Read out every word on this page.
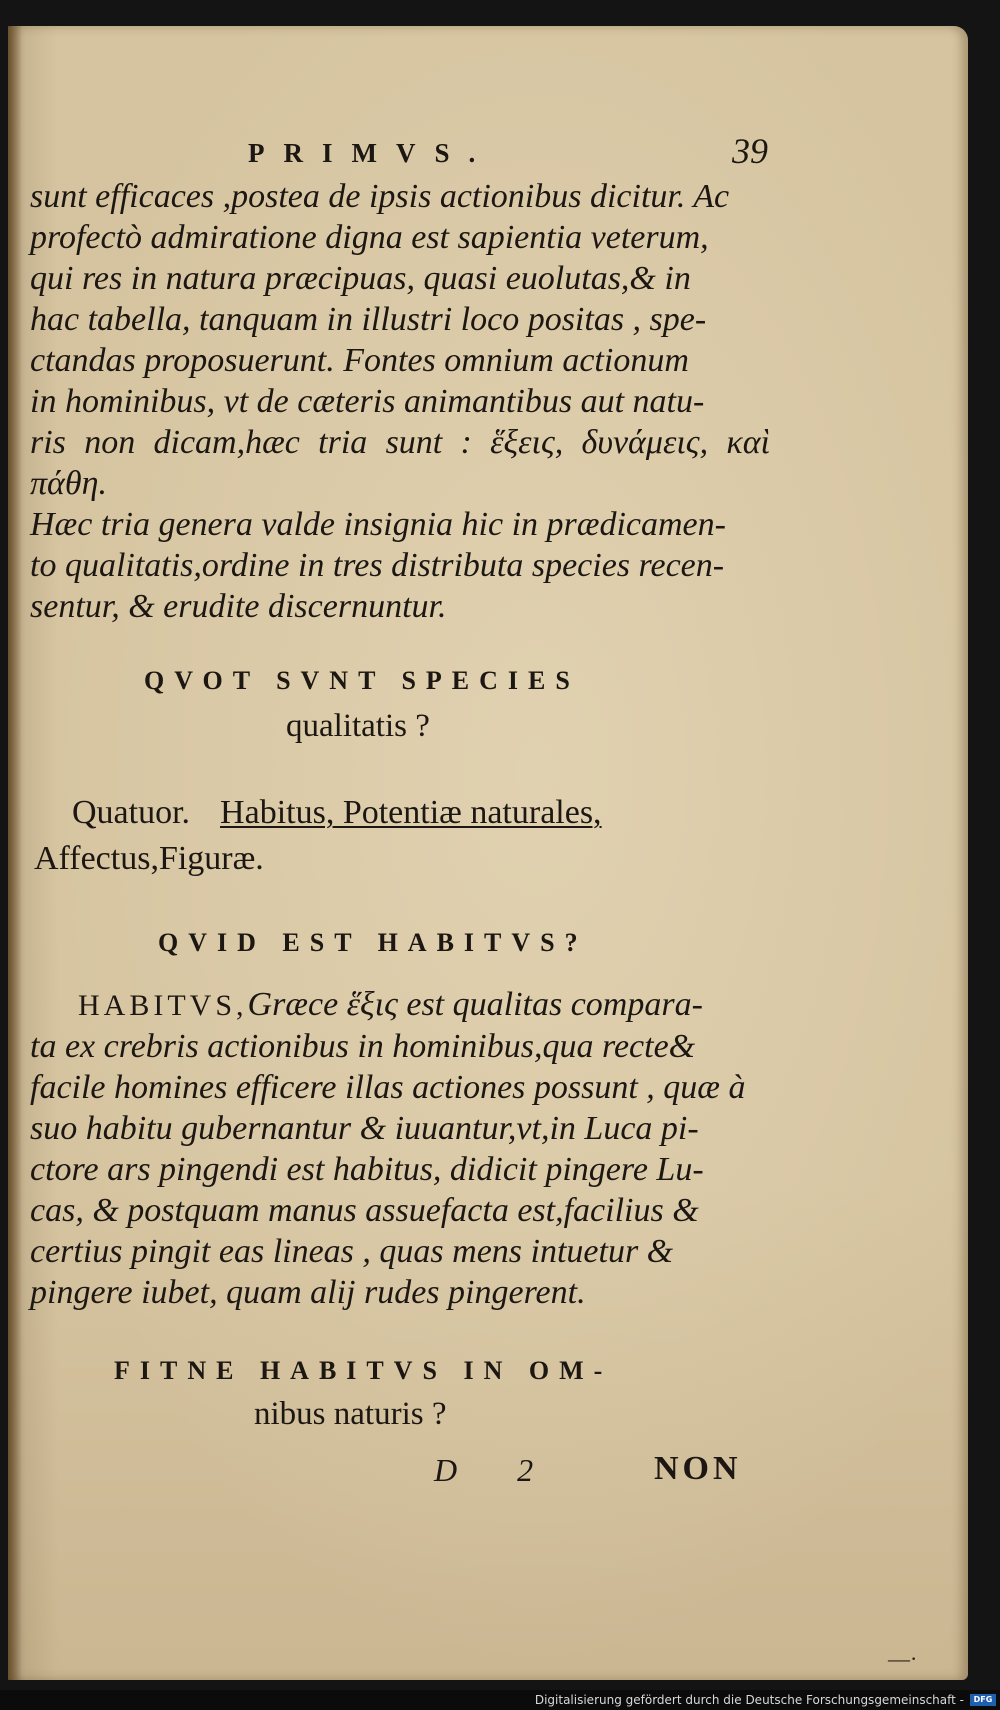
PRIMVS.	39
sunt efficaces ,postea de ipsis actionibus dicitur. Ac
profectò admiratione digna est sapientia veterum,
qui res in natura præcipuas, quasi euolutas,& in
hac tabella, tanquam in illustri loco positas , spe-
ctandas proposuerunt. Fontes omnium actionum
in hominibus, vt de cæteris animantibus aut natu-
ris non dicam,hæc tria sunt : ἕξεις, δυνάμεις, καὶ πάθη.
Hæc tria genera valde insignia hic in prædicamen-
to qualitatis,ordine in tres distributa species recen-
sentur, & erudite discernuntur.
QVOT SVNT SPECIES
qualitatis ?
Quatuor. Habitus, Potentiæ naturales,
Affectus,Figuræ.
QVID EST HABITVS?
HABITVS,Græce ἕξις est qualitas compara-
ta ex crebris actionibus in hominibus,qua recte&
facile homines efficere illas actiones possunt , quæ à
suo habitu gubernantur & iuuantur,vt,in Luca pi-
ctore ars pingendi est habitus, didicit pingere Lu-
cas, & postquam manus assuefacta est,facilius &
certius pingit eas lineas , quas mens intuetur &
pingere iubet, quam alij rudes pingerent.
FITNE HABITVS IN OM-
nibus naturis ?
D 2	NON
—·
Digitalisierung gefördert durch die Deutsche Forschungsgemeinschaft -	DFG
